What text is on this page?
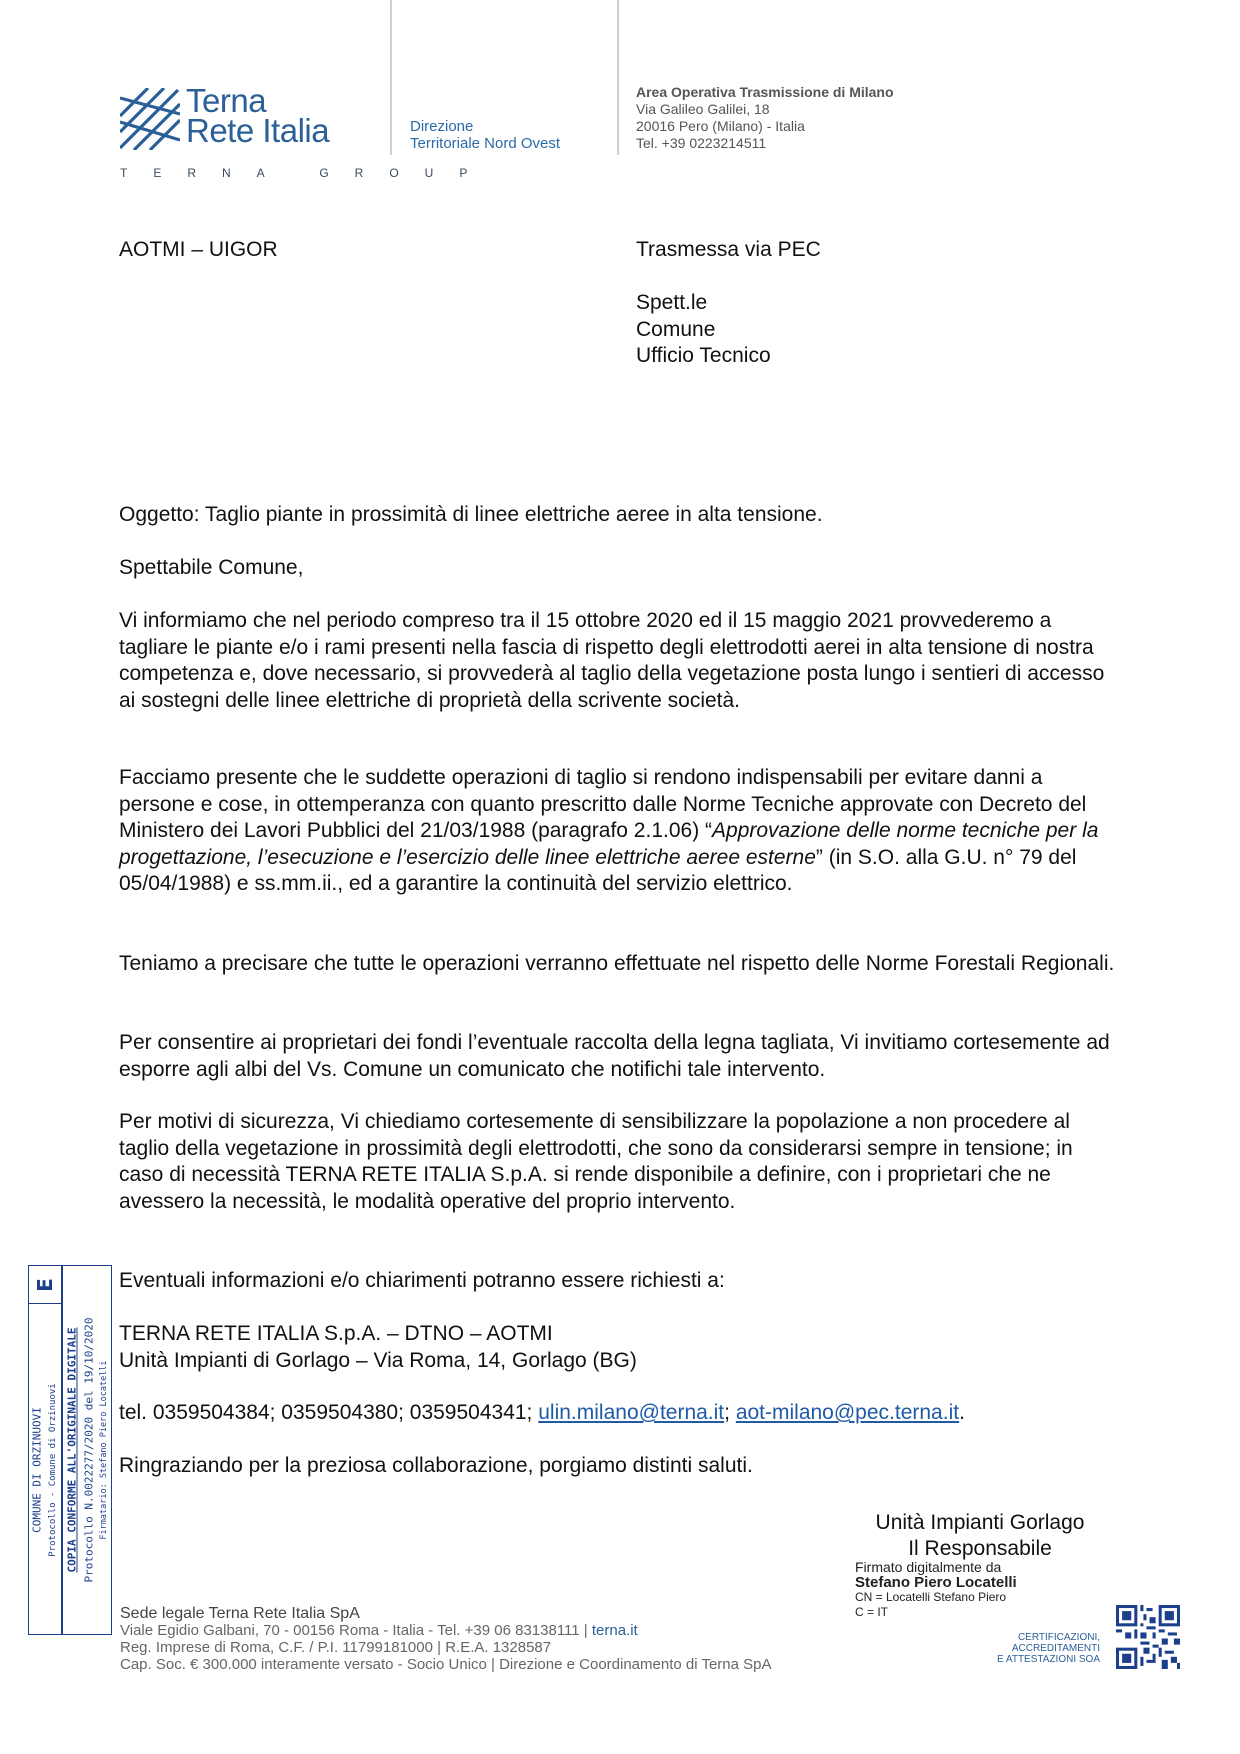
Terna
Rete Italia
TERNA GROUP
Direzione
Territoriale Nord Ovest
Area Operativa Trasmissione di Milano
Via Galileo Galilei, 18
20016 Pero (Milano) - Italia
Tel. +39 0223214511
AOTMI – UIGOR	Trasmessa via PEC
Spett.le
Comune
Ufficio Tecnico
Oggetto: Taglio piante in prossimità di linee elettriche aeree in alta tensione.
Spettabile Comune,
Vi informiamo che nel periodo compreso tra il 15 ottobre 2020 ed il 15 maggio 2021 provvederemo a tagliare le piante e/o i rami presenti nella fascia di rispetto degli elettrodotti aerei in alta tensione di nostra competenza e, dove necessario, si provvederà al taglio della vegetazione posta lungo i sentieri di accesso ai sostegni delle linee elettriche di proprietà della scrivente società.
Facciamo presente che le suddette operazioni di taglio si rendono indispensabili per evitare danni a persone e cose, in ottemperanza con quanto prescritto dalle Norme Tecniche approvate con Decreto del Ministero dei Lavori Pubblici del 21/03/1988 (paragrafo 2.1.06) “Approvazione delle norme tecniche per la progettazione, l’esecuzione e l’esercizio delle linee elettriche aeree esterne” (in S.O. alla G.U. n° 79 del 05/04/1988) e ss.mm.ii., ed a garantire la continuità del servizio elettrico.
Teniamo a precisare che tutte le operazioni verranno effettuate nel rispetto delle Norme Forestali Regionali.
Per consentire ai proprietari dei fondi l’eventuale raccolta della legna tagliata, Vi invitiamo cortesemente ad esporre agli albi del Vs. Comune un comunicato che notifichi tale intervento.
Per motivi di sicurezza, Vi chiediamo cortesemente di sensibilizzare la popolazione a non procedere al taglio della vegetazione in prossimità degli elettrodotti, che sono da considerarsi sempre in tensione; in caso di necessità TERNA RETE ITALIA S.p.A. si rende disponibile a definire, con i proprietari che ne avessero la necessità, le modalità operative del proprio intervento.
Eventuali informazioni e/o chiarimenti potranno essere richiesti a:
TERNA RETE ITALIA S.p.A. – DTNO – AOTMI
Unità Impianti di Gorlago – Via Roma, 14, Gorlago (BG)
tel. 0359504384; 0359504380; 0359504341; ulin.milano@terna.it; aot-milano@pec.terna.it.
Ringraziando per la preziosa collaborazione, porgiamo distinti saluti.
Unità Impianti Gorlago
Il Responsabile
Firmato digitalmente da
Stefano Piero Locatelli
CN = Locatelli Stefano Piero
C = IT
E
COMUNE DI ORZINUOVI Protocollo - Comune di Orzinuovi COPIA CONFORME ALL'ORIGINALE DIGITALE Protocollo N.0022277/2020 del 19/10/2020 Firmatario: Stefano Piero Locatelli
Sede legale Terna Rete Italia SpA
Viale Egidio Galbani, 70 - 00156 Roma - Italia - Tel. +39 06 83138111 | terna.it
Reg. Imprese di Roma, C.F. / P.I. 11799181000 | R.E.A. 1328587
Cap. Soc. € 300.000 interamente versato - Socio Unico | Direzione e Coordinamento di Terna SpA
CERTIFICAZIONI,
ACCREDITAMENTI
E ATTESTAZIONI SOA
